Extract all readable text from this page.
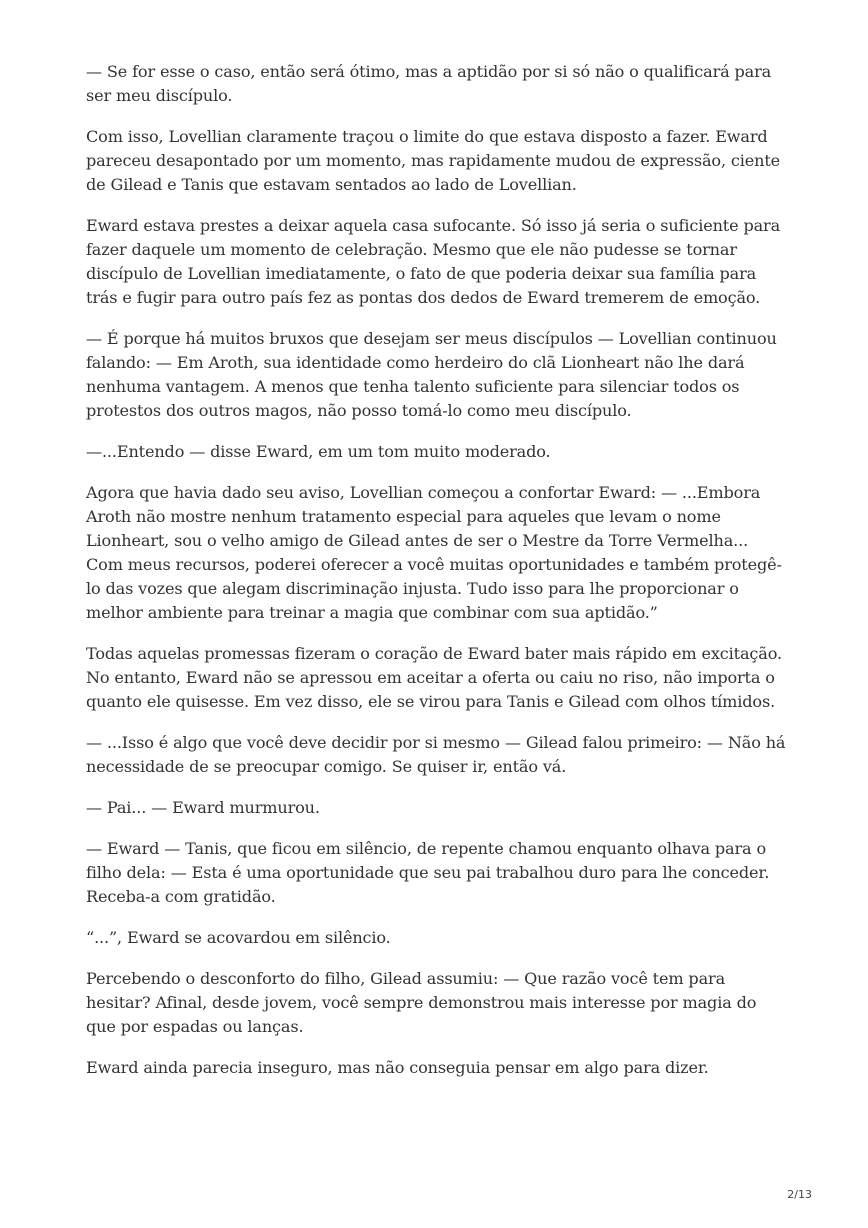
— Se for esse o caso, então será ótimo, mas a aptidão por si só não o qualificará para ser meu discípulo.

Com isso, Lovellian claramente traçou o limite do que estava disposto a fazer. Eward pareceu desapontado por um momento, mas rapidamente mudou de expressão, ciente de Gilead e Tanis que estavam sentados ao lado de Lovellian.

Eward estava prestes a deixar aquela casa sufocante. Só isso já seria o suficiente para fazer daquele um momento de celebração. Mesmo que ele não pudesse se tornar discípulo de Lovellian imediatamente, o fato de que poderia deixar sua família para trás e fugir para outro país fez as pontas dos dedos de Eward tremerem de emoção.

— É porque há muitos bruxos que desejam ser meus discípulos — Lovellian continuou falando: — Em Aroth, sua identidade como herdeiro do clã Lionheart não lhe dará nenhuma vantagem. A menos que tenha talento suficiente para silenciar todos os protestos dos outros magos, não posso tomá-lo como meu discípulo.

—...Entendo — disse Eward, em um tom muito moderado.

Agora que havia dado seu aviso, Lovellian começou a confortar Eward: — ...Embora Aroth não mostre nenhum tratamento especial para aqueles que levam o nome Lionheart, sou o velho amigo de Gilead antes de ser o Mestre da Torre Vermelha... Com meus recursos, poderei oferecer a você muitas oportunidades e também protegê-lo das vozes que alegam discriminação injusta. Tudo isso para lhe proporcionar o melhor ambiente para treinar a magia que combinar com sua aptidão.”

Todas aquelas promessas fizeram o coração de Eward bater mais rápido em excitação. No entanto, Eward não se apressou em aceitar a oferta ou caiu no riso, não importa o quanto ele quisesse. Em vez disso, ele se virou para Tanis e Gilead com olhos tímidos.

— ...Isso é algo que você deve decidir por si mesmo — Gilead falou primeiro: — Não há necessidade de se preocupar comigo. Se quiser ir, então vá.

— Pai... — Eward murmurou.

— Eward — Tanis, que ficou em silêncio, de repente chamou enquanto olhava para o filho dela: — Esta é uma oportunidade que seu pai trabalhou duro para lhe conceder. Receba-a com gratidão.

“...”, Eward se acovardou em silêncio.

Percebendo o desconforto do filho, Gilead assumiu: — Que razão você tem para hesitar? Afinal, desde jovem, você sempre demonstrou mais interesse por magia do que por espadas ou lanças.

Eward ainda parecia inseguro, mas não conseguia pensar em algo para dizer.

2/13
